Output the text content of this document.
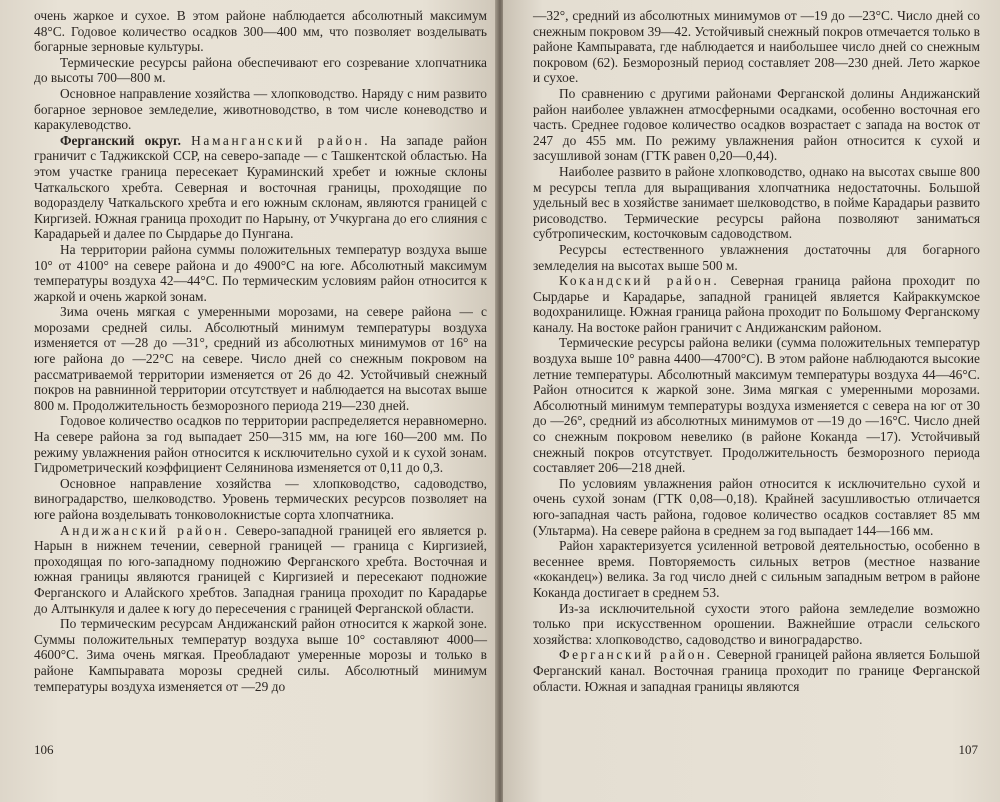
очень жаркое и сухое. В этом районе наблюдается абсолютный максимум 48°С. Годовое количество осадков 300—400 мм, что позволяет возделывать богарные зерновые культуры.

Термические ресурсы района обеспечивают его созревание хлопчатника до высоты 700—800 м.

Основное направление хозяйства — хлопководство. Наряду с ним развито богарное зерновое земледелие, животноводство, в том числе коневодство и каракулеводство.

Ферганский округ. Наманганский район. На западе район граничит с Таджикской ССР, на северо-западе — с Ташкентской областью. На этом участке граница пересекает Кураминский хребет и южные склоны Чаткальского хребта. Северная и восточная границы, проходящие по водоразделу Чаткальского хребта и его южным склонам, являются границей с Киргизей. Южная граница проходит по Нарыну, от Учкургана до его слияния с Карадарьей и далее по Сырдарье до Пунгана.

На территории района суммы положительных температур воздуха выше 10° от 4100° на севере района и до 4900°С на юге. Абсолютный максимум температуры воздуха 42—44°С. По термическим условиям район относится к жаркой и очень жаркой зонам.

Зима очень мягкая с умеренными морозами, на севере района — с морозами средней силы. Абсолютный минимум температуры воздуха изменяется от —28 до —31°, средний из абсолютных минимумов от 16° на юге района до —22°С на севере. Число дней со снежным покровом на рассматриваемой территории изменяется от 26 до 42. Устойчивый снежный покров на равнинной территории отсутствует и наблюдается на высотах выше 800 м. Продолжительность безморозного периода 219—230 дней.

Годовое количество осадков по территории распределяется неравномерно. На севере района за год выпадает 250—315 мм, на юге 160—200 мм. По режиму увлажнения район относится к исключительно сухой и к сухой зонам. Гидрометрический коэффициент Селянинова изменяется от 0,11 до 0,3.

Основное направление хозяйства — хлопководство, садоводство, виноградарство, шелководство. Уровень термических ресурсов позволяет на юге района возделывать тонковолокнистые сорта хлопчатника.

Андижанский район. Северо-западной границей его является р. Нарын в нижнем течении, северной границей — граница с Киргизией, проходящая по юго-западному подножию Ферганского хребта. Восточная и южная границы являются границей с Киргизией и пересекают подножие Ферганского и Алайского хребтов. Западная граница проходит по Карадарье до Алтынкуля и далее к югу до пересечения с границей Ферганской области.

По термическим ресурсам Андижанский район относится к жаркой зоне. Суммы положительных температур воздуха выше 10° составляют 4000—4600°С. Зима очень мягкая. Преобладают умеренные морозы и только в районе Кампыравата морозы средней силы. Абсолютный минимум температуры воздуха изменяется от —29 до

106

—32°, средний из абсолютных минимумов от —19 до —23°С. Число дней со снежным покровом 39—42. Устойчивый снежный покров отмечается только в районе Кампыравата, где наблюдается и наибольшее число дней со снежным покровом (62). Безморозный период составляет 208—230 дней. Лето жаркое и сухое.

По сравнению с другими районами Ферганской долины Андижанский район наиболее увлажнен атмосферными осадками, особенно восточная его часть. Среднее годовое количество осадков возрастает с запада на восток от 247 до 455 мм. По режиму увлажнения район относится к сухой и засушливой зонам (ГТК равен 0,20—0,44).

Наиболее развито в районе хлопководство, однако на высотах свыше 800 м ресурсы тепла для выращивания хлопчатника недостаточны. Большой удельный вес в хозяйстве занимает шелководство, в пойме Карадарьи развито рисоводство. Термические ресурсы района позволяют заниматься субтропическим, косточковым садоводством.

Ресурсы естественного увлажнения достаточны для богарного земледелия на высотах выше 500 м.

Кокандский район. Северная граница района проходит по Сырдарье и Карадарье, западной границей является Кайраккумское водохранилище. Южная граница района проходит по Большому Ферганскому каналу. На востоке район граничит с Андижанским районом.

Термические ресурсы района велики (сумма положительных температур воздуха выше 10° равна 4400—4700°С). В этом районе наблюдаются высокие летние температуры. Абсолютный максимум температуры воздуха 44—46°С. Район относится к жаркой зоне. Зима мягкая с умеренными морозами. Абсолютный минимум температуры воздуха изменяется с севера на юг от 30 до —26°, средний из абсолютных минимумов от —19 до —16°С. Число дней со снежным покровом невелико (в районе Коканда —17). Устойчивый снежный покров отсутствует. Продолжительность безморозного периода составляет 206—218 дней.

По условиям увлажнения район относится к исключительно сухой и очень сухой зонам (ГТК 0,08—0,18). Крайней засушливостью отличается юго-западная часть района, годовое количество осадков составляет 85 мм (Ультарма). На севере района в среднем за год выпадает 144—166 мм.

Район характеризуется усиленной ветровой деятельностью, особенно в весеннее время. Повторяемость сильных ветров (местное название «кокандец») велика. За год число дней с сильным западным ветром в районе Коканда достигает в среднем 53.

Из-за исключительной сухости этого района земледелие возможно только при искусственном орошении. Важнейшие отрасли сельского хозяйства: хлопководство, садоводство и виноградарство.

Ферганский район. Северной границей района является Большой Ферганский канал. Восточная граница проходит по границе Ферганской области. Южная и западная границы являются

107
